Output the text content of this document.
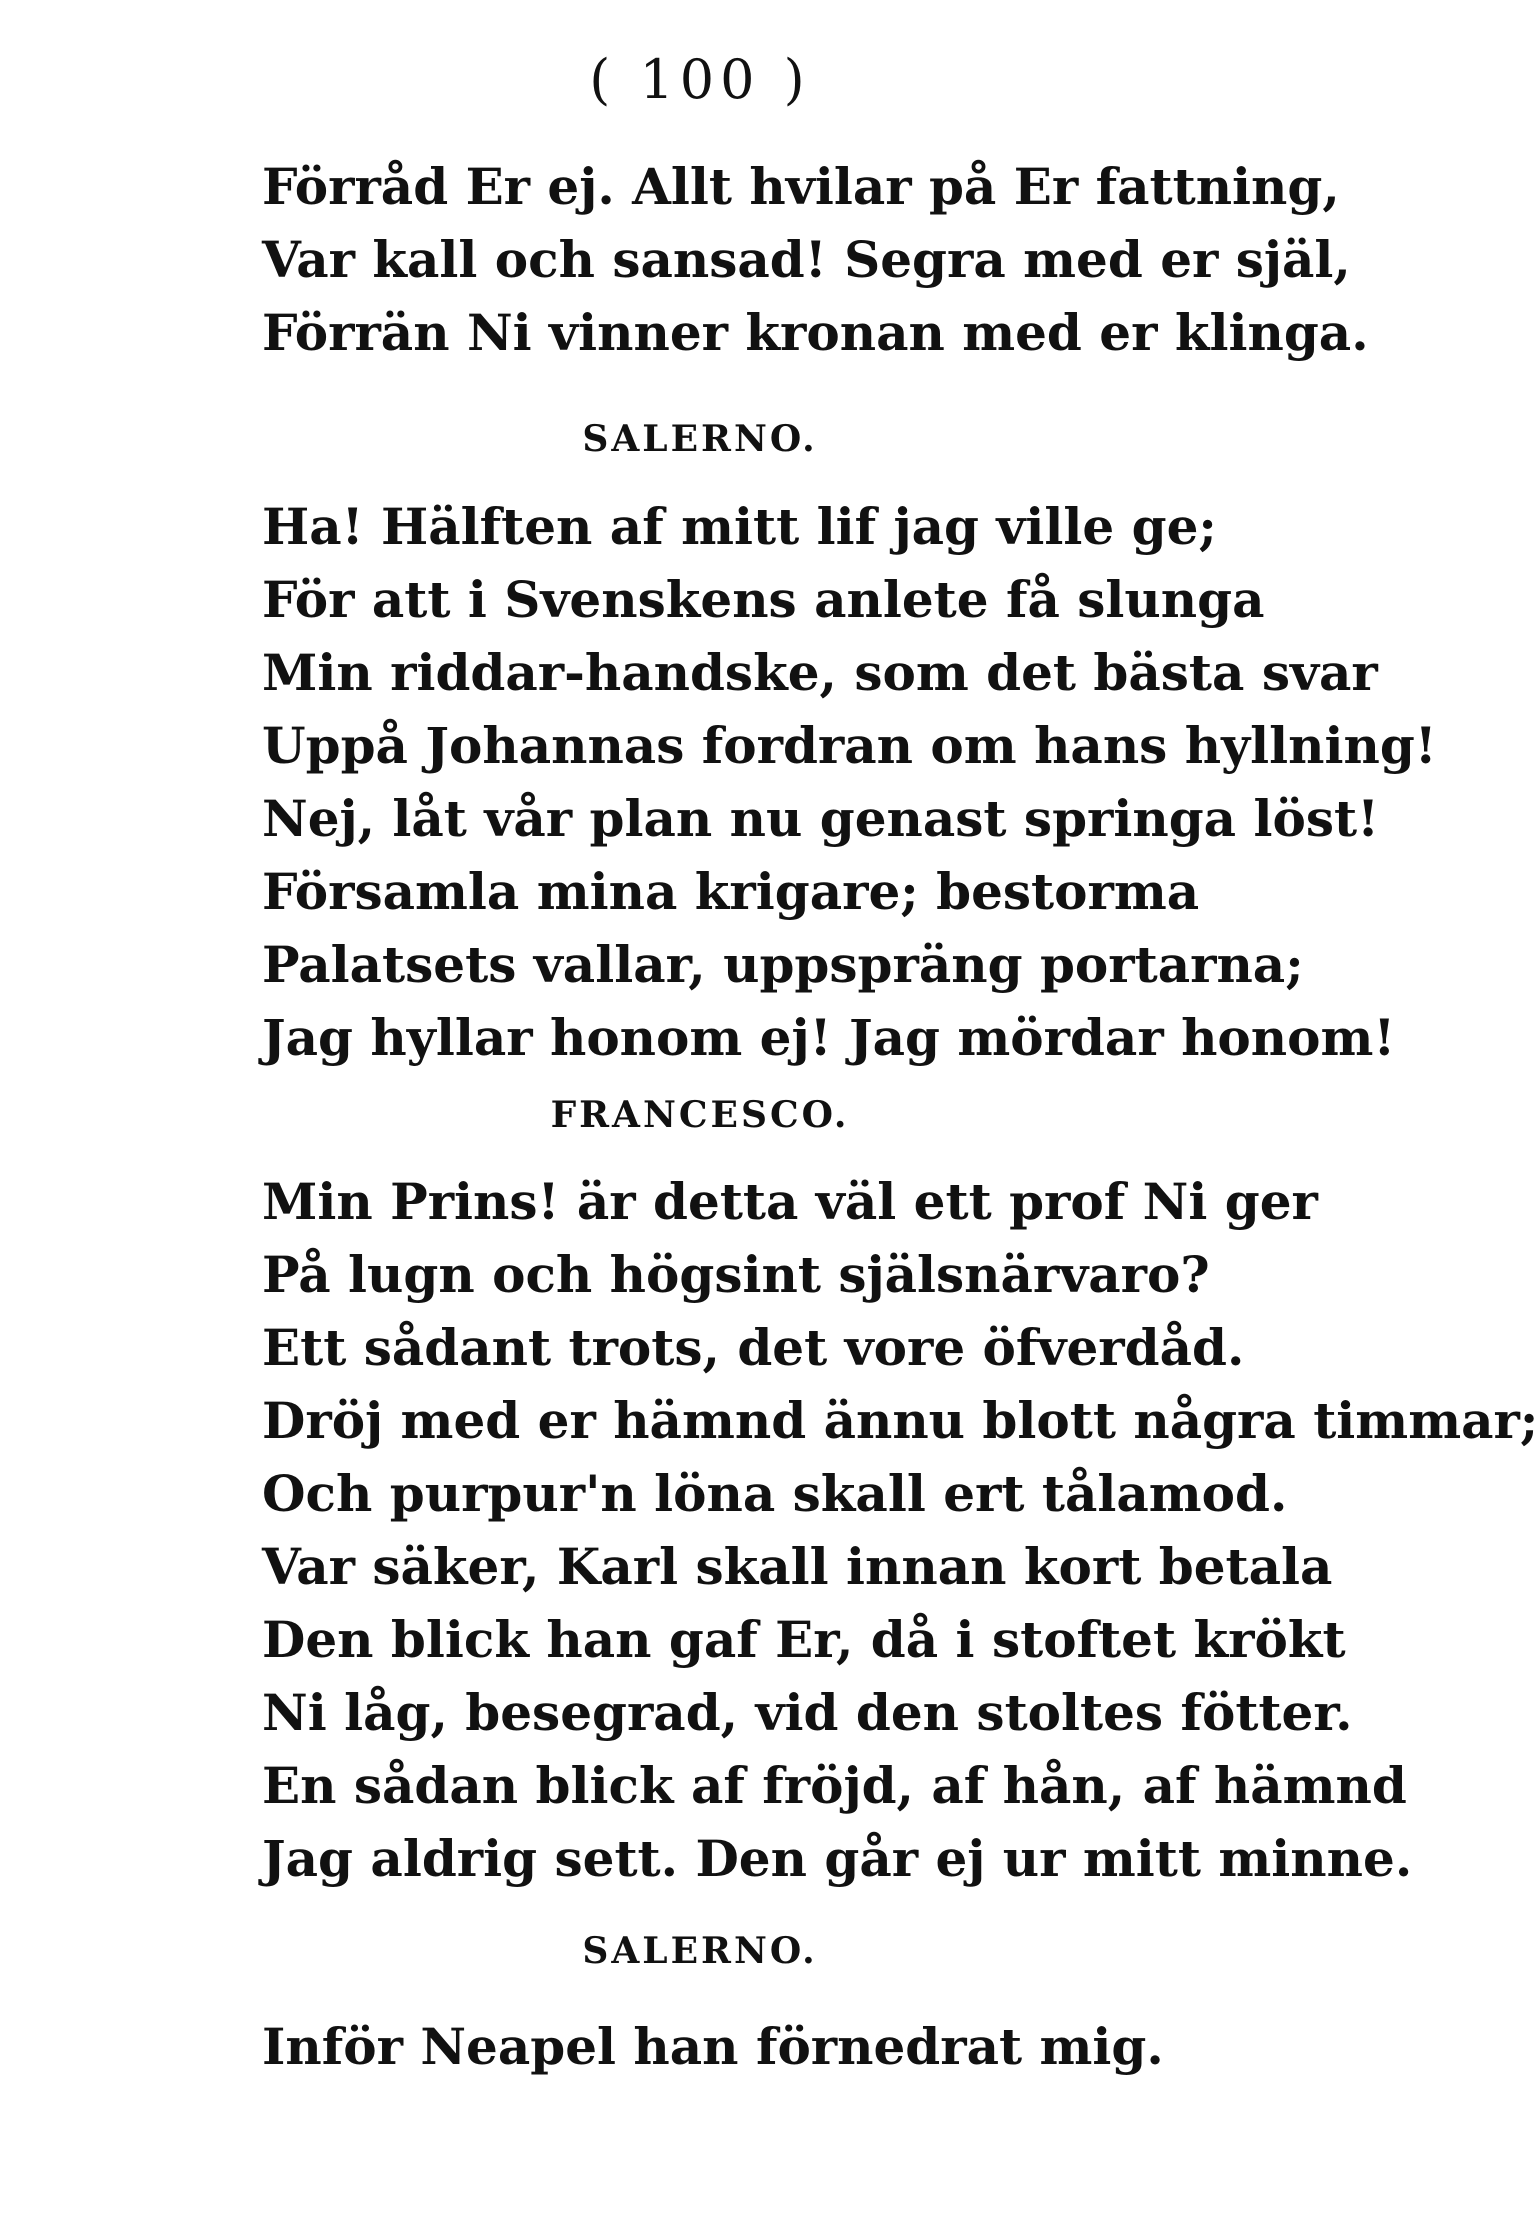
( 100 )
Förråd Er ej. Allt hvilar på Er fattning,
Var kall och sansad! Segra med er själ,
Förrän Ni vinner kronan med er klinga.
SALERNO.
Ha! Hälften af mitt lif jag ville ge;
För att i Svenskens anlete få slunga
Min riddar-handske, som det bästa svar
Uppå Johannas fordran om hans hyllning!
Nej, låt vår plan nu genast springa löst!
Församla mina krigare; bestorma
Palatsets vallar, uppspräng portarna;
Jag hyllar honom ej! Jag mördar honom!
FRANCESCO.
Min Prins! är detta väl ett prof Ni ger
På lugn och högsint själsnärvaro?
Ett sådant trots, det vore öfverdåd.
Dröj med er hämnd ännu blott några timmar;
Och purpur'n löna skall ert tålamod.
Var säker, Karl skall innan kort betala
Den blick han gaf Er, då i stoftet krökt
Ni låg, besegrad, vid den stoltes fötter.
En sådan blick af fröjd, af hån, af hämnd
Jag aldrig sett. Den går ej ur mitt minne.
SALERNO.
Inför Neapel han förnedrat mig.
